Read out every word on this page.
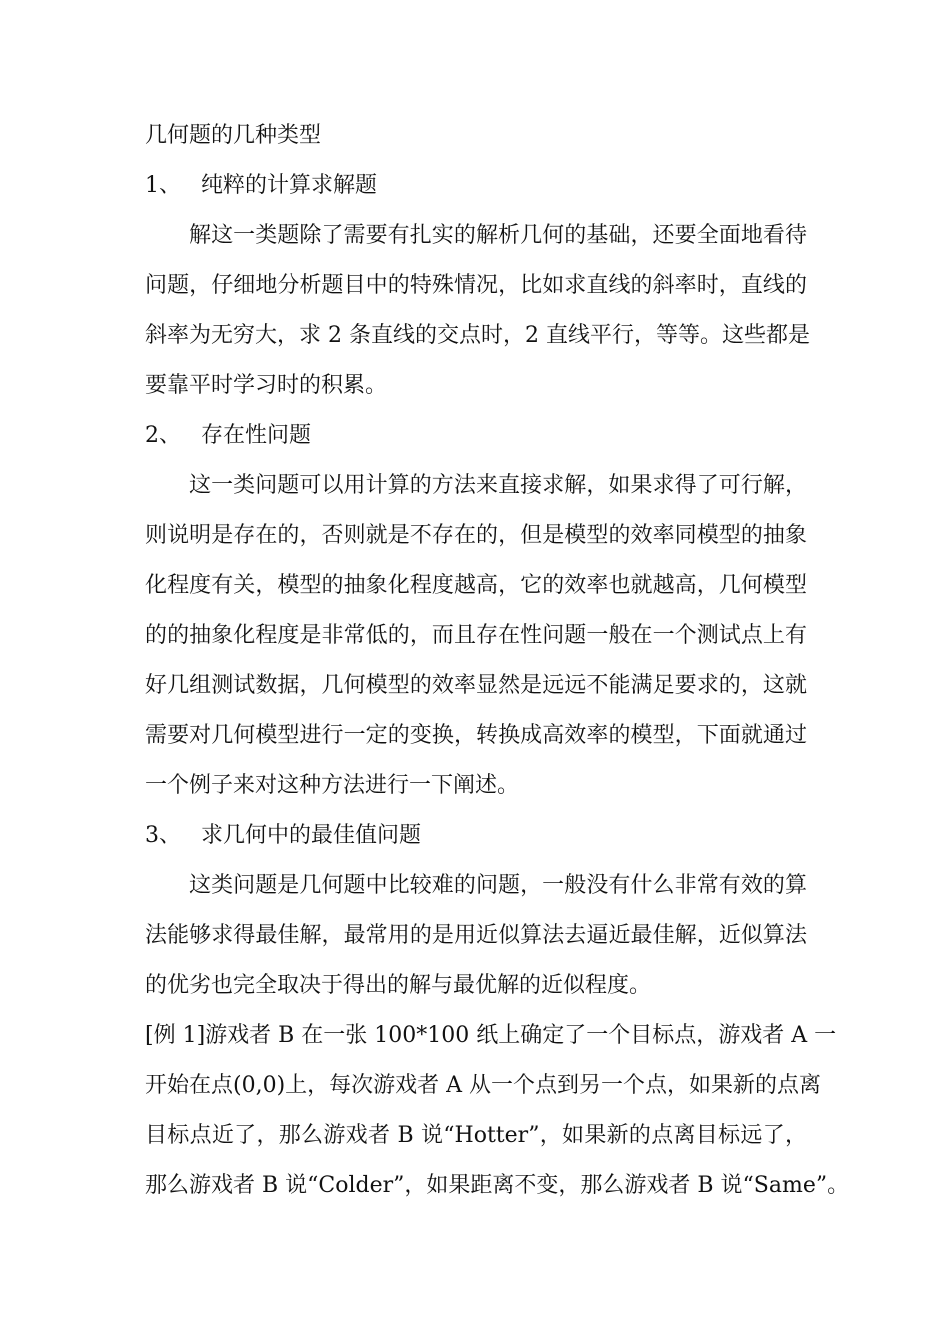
几何题的几种类型
1、 纯粹的计算求解题
解这一类题除了需要有扎实的解析几何的基础，还要全面地看待
问题，仔细地分析题目中的特殊情况，比如求直线的斜率时，直线的
斜率为无穷大，求 2 条直线的交点时，2 直线平行，等等。这些都是
要靠平时学习时的积累。
2、 存在性问题
这一类问题可以用计算的方法来直接求解，如果求得了可行解，
则说明是存在的，否则就是不存在的，但是模型的效率同模型的抽象
化程度有关，模型的抽象化程度越高，它的效率也就越高，几何模型
的的抽象化程度是非常低的，而且存在性问题一般在一个测试点上有
好几组测试数据，几何模型的效率显然是远远不能满足要求的，这就
需要对几何模型进行一定的变换，转换成高效率的模型，下面就通过
一个例子来对这种方法进行一下阐述。
3、 求几何中的最佳值问题
这类问题是几何题中比较难的问题，一般没有什么非常有效的算
法能够求得最佳解，最常用的是用近似算法去逼近最佳解，近似算法
的优劣也完全取决于得出的解与最优解的近似程度。
[例 1]游戏者 B 在一张 100*100 纸上确定了一个目标点，游戏者 A 一
开始在点(0,0)上，每次游戏者 A 从一个点到另一个点，如果新的点离
目标点近了，那么游戏者 B 说“Hotter”，如果新的点离目标远了，
那么游戏者 B 说“Colder”，如果距离不变，那么游戏者 B 说“Same”。
